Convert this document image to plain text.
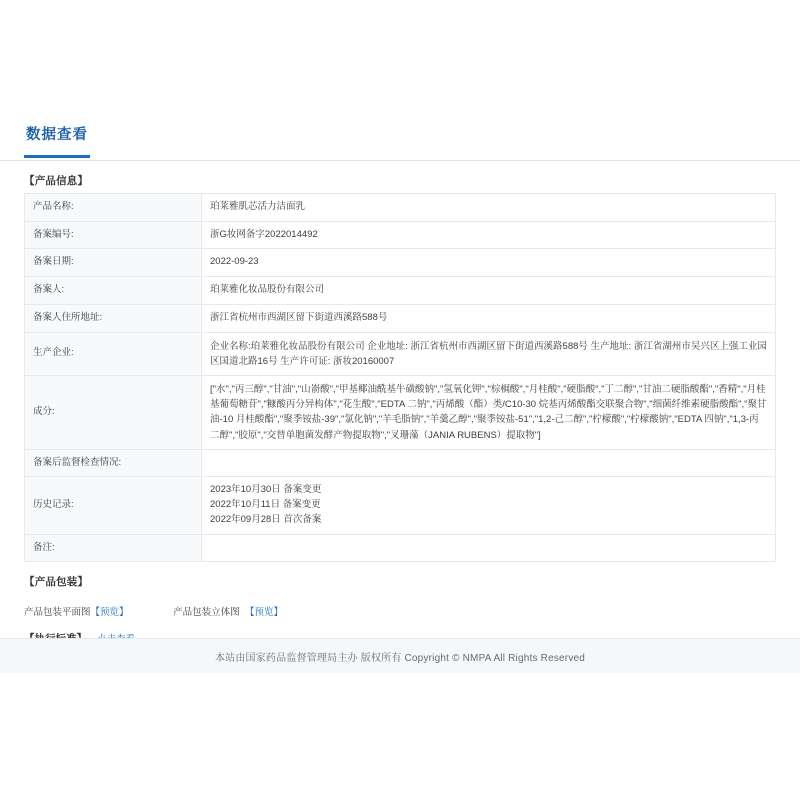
数据查看
【产品信息】
产品名称:	珀莱雅肌芯活力洁面乳
备案编号:	浙G妆网备字2022014492
备案日期:	2022-09-23
备案人:	珀莱雅化妆品股份有限公司
备案人住所地址:	浙江省杭州市西湖区留下街道西溪路588号
生产企业:	企业名称:珀莱雅化妆品股份有限公司 企业地址: 浙江省杭州市西湖区留下街道西溪路588号 生产地址: 浙江省湖州市吴兴区上强工业园区国道北路16号 生产许可证: 浙妆20160007
成分:	["水","丙三醇","甘油","山嵛酸","甲基椰油酰基牛磺酸钠","氢氧化钾","棕榈酸","月桂酸","硬脂酸","丁二醇","甘油二硬脂酸酯","香精","月桂基葡萄糖苷","糠酸丙分异构体","花生酸","EDTA 二钠","丙烯酸（酯）类/C10-30 烷基丙烯酸酯交联聚合物","细菌纤维素硬脂酸酯","聚甘油-10 月桂酸酯","聚季铵盐-39","氯化钠","羊毛脂钠","羊羹乙醇","聚季铵盐-51","1,2-己二醇","柠檬酸","柠檬酸钠","EDTA 四钠","1,3-丙二醇","胶原","交替单胞菌发酵产物提取物","叉珊藻（JANIA RUBENS）提取物"]
备案后监督检查情况:	
历史记录:	2023年10月30日 备案变更
2022年10月11日 备案变更
2022年09月28日 首次备案

备注:	
【产品包装】
产品包装平面图【预览】	产品包装立体图 【预览】
本站由国家药品监督管理局主办 版权所有 Copyright © NMPA All Rights Reserved
